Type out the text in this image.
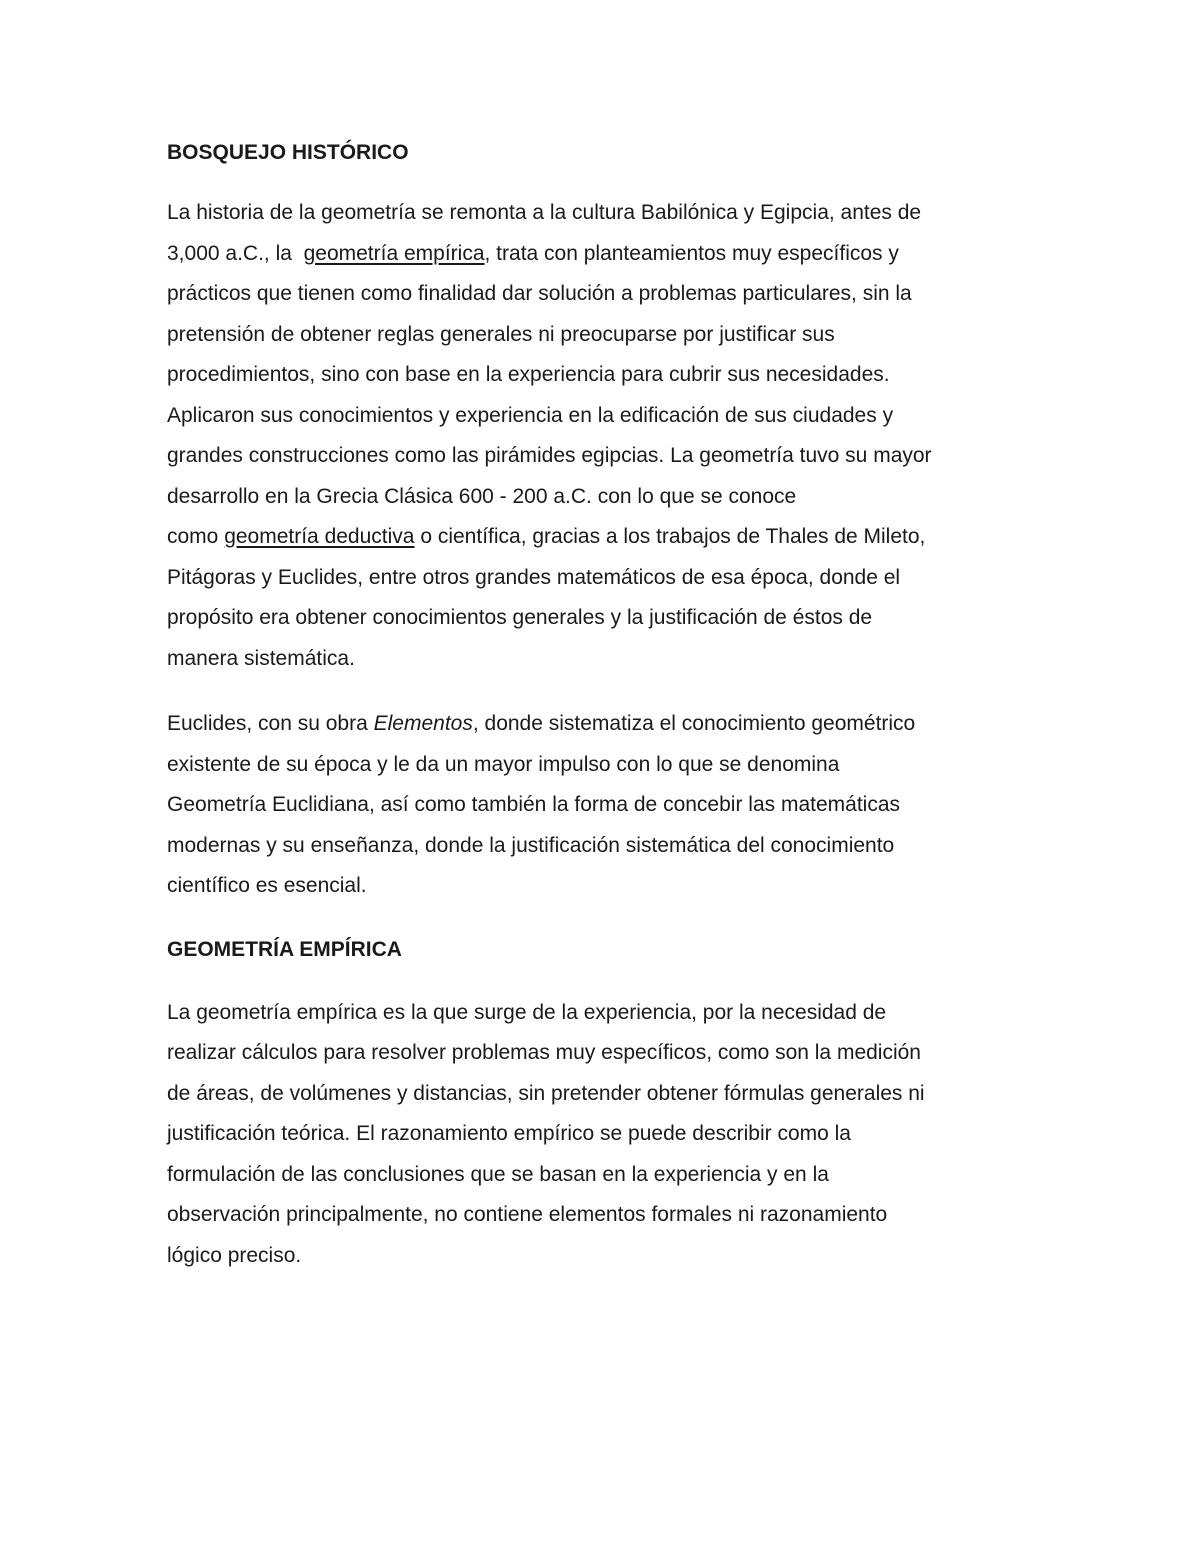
BOSQUEJO HISTÓRICO

La historia de la geometría se remonta a la cultura Babilónica y Egipcia, antes de
3,000 a.C., la  geometría empírica, trata con planteamientos muy específicos y
prácticos que tienen como finalidad dar solución a problemas particulares, sin la
pretensión de obtener reglas generales ni preocuparse por justificar sus
procedimientos, sino con base en la experiencia para cubrir sus necesidades.
Aplicaron sus conocimientos y experiencia en la edificación de sus ciudades y
grandes construcciones como las pirámides egipcias. La geometría tuvo su mayor
desarrollo en la Grecia Clásica 600 - 200 a.C. con lo que se conoce
como geometría deductiva o científica, gracias a los trabajos de Thales de Mileto,
Pitágoras y Euclides, entre otros grandes matemáticos de esa época, donde el
propósito era obtener conocimientos generales y la justificación de éstos de
manera sistemática.

Euclides, con su obra Elementos, donde sistematiza el conocimiento geométrico
existente de su época y le da un mayor impulso con lo que se denomina
Geometría Euclidiana, así como también la forma de concebir las matemáticas
modernas y su enseñanza, donde la justificación sistemática del conocimiento
científico es esencial.

GEOMETRÍA EMPÍRICA

La geometría empírica es la que surge de la experiencia, por la necesidad de
realizar cálculos para resolver problemas muy específicos, como son la medición
de áreas, de volúmenes y distancias, sin pretender obtener fórmulas generales ni
justificación teórica. El razonamiento empírico se puede describir como la
formulación de las conclusiones que se basan en la experiencia y en la
observación principalmente, no contiene elementos formales ni razonamiento
lógico preciso.
